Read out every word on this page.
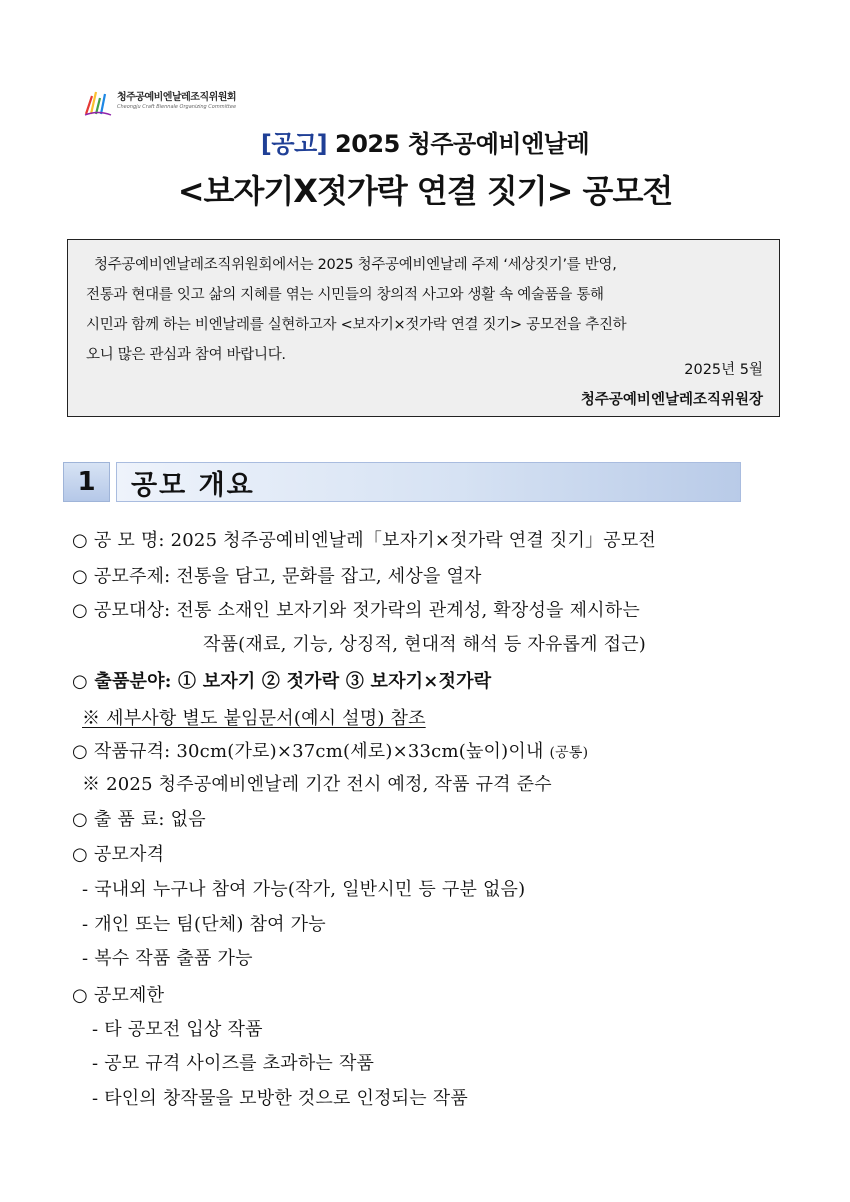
청주공예비엔날레조직위원회
Cheongju Craft Biennale Organizing Committee
[공고] 2025 청주공예비엔날레
<보자기X젓가락 연결 짓기> 공모전
청주공예비엔날레조직위원회에서는 2025 청주공예비엔날레 주제 ‘세상짓기’를 반영,
전통과 현대를 잇고 삶의 지혜를 엮는 시민들의 창의적 사고와 생활 속 예술품을 통해
시민과 함께 하는 비엔날레를 실현하고자 <보자기×젓가락 연결 짓기> 공모전을 추진하
오니 많은 관심과 참여 바랍니다.
2025년 5월
청주공예비엔날레조직위원장
1	공모 개요
○ 공 모 명: 2025 청주공예비엔날레「보자기×젓가락 연결 짓기」공모전
○ 공모주제: 전통을 담고, 문화를 잡고, 세상을 열자
○ 공모대상: 전통 소재인 보자기와 젓가락의 관계성, 확장성을 제시하는
작품(재료, 기능, 상징적, 현대적 해석 등 자유롭게 접근)
○ 출품분야: ① 보자기 ② 젓가락 ③ 보자기×젓가락
※ 세부사항 별도 붙임문서(예시 설명) 참조
○ 작품규격: 30cm(가로)×37cm(세로)×33cm(높이)이내 (공통)
※ 2025 청주공예비엔날레 기간 전시 예정, 작품 규격 준수
○ 출 품 료: 없음
○ 공모자격
- 국내외 누구나 참여 가능(작가, 일반시민 등 구분 없음)
- 개인 또는 팀(단체) 참여 가능
- 복수 작품 출품 가능
○ 공모제한
- 타 공모전 입상 작품
- 공모 규격 사이즈를 초과하는 작품
- 타인의 창작물을 모방한 것으로 인정되는 작품
